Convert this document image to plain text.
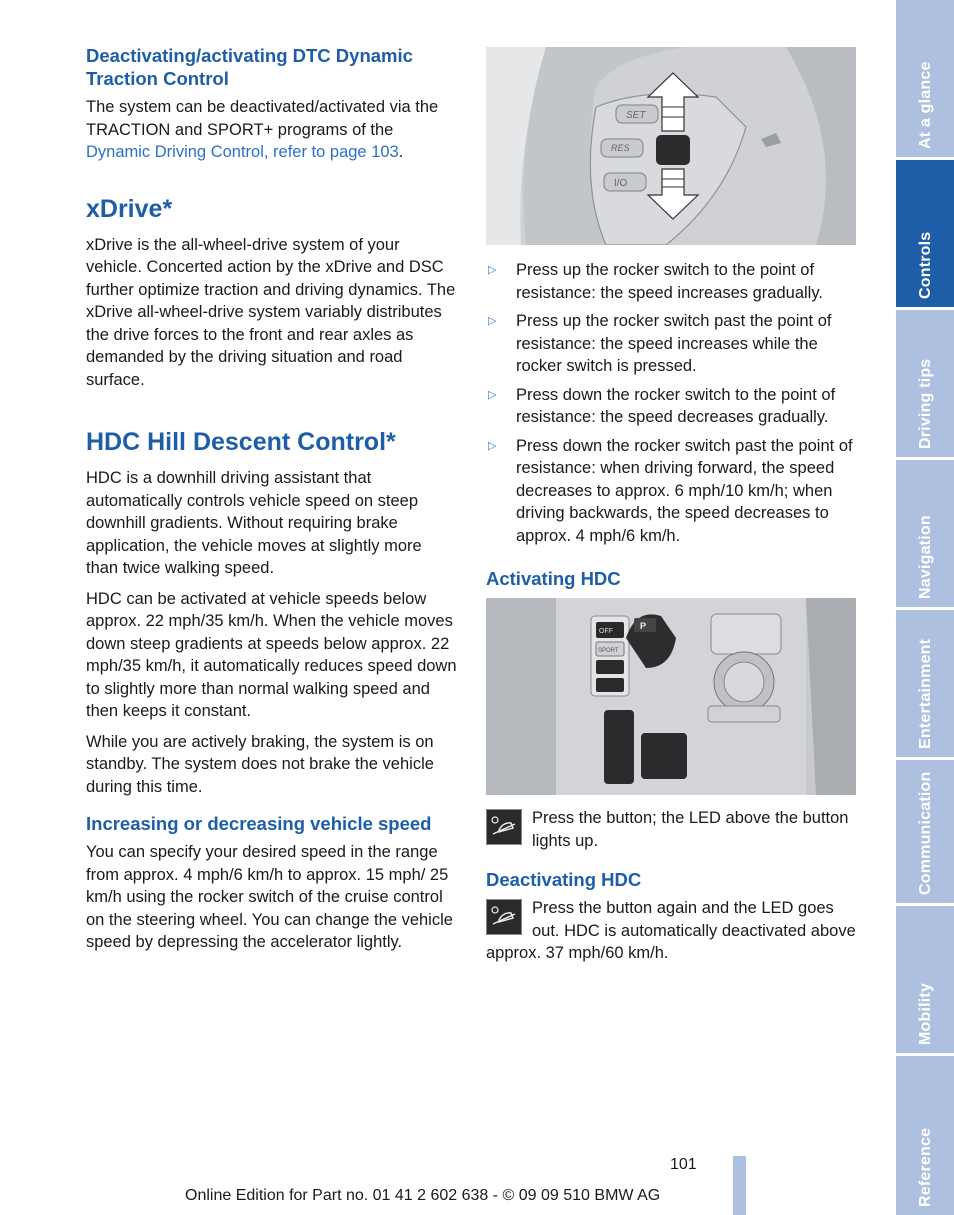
Deactivating/activating DTC Dynamic Traction Control

The system can be deactivated/activated via the TRACTION and SPORT+ programs of the Dynamic Driving Control, refer to page 103.

xDrive*

xDrive is the all-wheel-drive system of your vehicle. Concerted action by the xDrive and DSC further optimize traction and driving dynamics. The xDrive all-wheel-drive system variably distributes the drive forces to the front and rear axles as demanded by the driving situation and road surface.

HDC Hill Descent Control*

HDC is a downhill driving assistant that automatically controls vehicle speed on steep downhill gradients. Without requiring brake application, the vehicle moves at slightly more than twice walking speed.

HDC can be activated at vehicle speeds below approx. 22 mph/35 km/h. When the vehicle moves down steep gradients at speeds below approx. 22 mph/35 km/h, it automatically reduces speed down to slightly more than normal walking speed and then keeps it constant.

While you are actively braking, the system is on standby. The system does not brake the vehicle during this time.

Increasing or decreasing vehicle speed

You can specify your desired speed in the range from approx. 4 mph/6 km/h to approx. 15 mph/ 25 km/h using the rocker switch of the cruise control on the steering wheel. You can change the vehicle speed by depressing the accelerator lightly.

SET
RES
I/O
▷ Press up the rocker switch to the point of resistance: the speed increases gradually.
▷ Press up the rocker switch past the point of resistance: the speed increases while the rocker switch is pressed.
▷ Press down the rocker switch to the point of resistance: the speed decreases gradually.
▷ Press down the rocker switch past the point of resistance: when driving forward, the speed decreases to approx. 6 mph/10 km/h; when driving backwards, the speed decreases to approx. 4 mph/6 km/h.
Activating HDC
OFF
SPORT
P
Press the button; the LED above the button lights up.
Deactivating HDC
Press the button again and the LED goes out. HDC is automatically deactivated above approx. 37 mph/60 km/h.
At a glance
Controls
Driving tips
Navigation
Entertainment
Communication
Mobility
Reference
101
Online Edition for Part no. 01 41 2 602 638 - © 09 09 510 BMW AG
